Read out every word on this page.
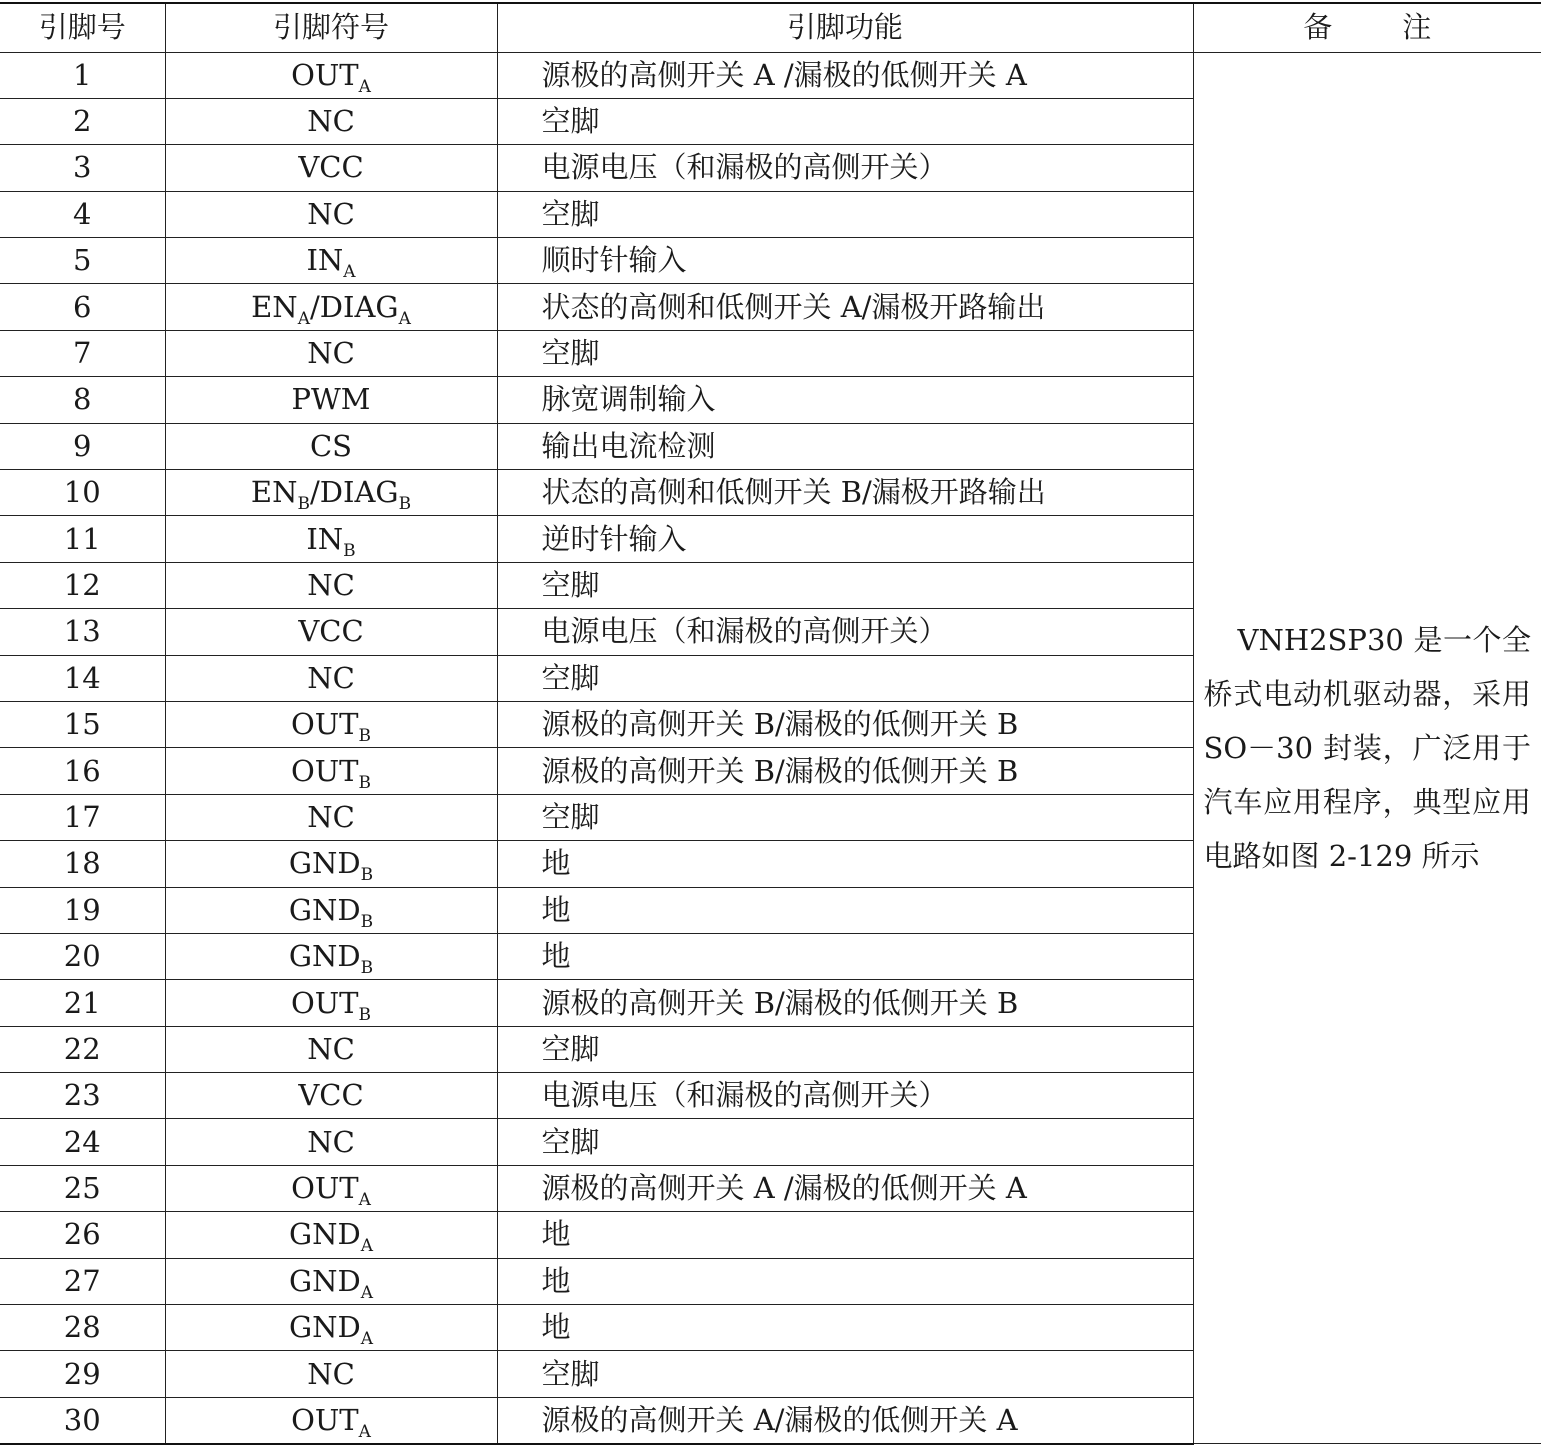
引脚号	引脚符号	引脚功能	备 注
1	$OUT_A$	源极的高侧开关 A /漏极的低侧开关 A	VNH2SP30 是一个全桥式电动机驱动器，采用 SO－30 封装，广泛用于汽车应用程序，典型应用电路如图 2-129 所示
2	NC	空脚	
3	VCC	电源电压（和漏极的高侧开关）	
4	NC	空脚	
5	$IN_A$	顺时针输入	
6	$EN_A/DIAG_A$	状态的高侧和低侧开关 A/漏极开路输出	
7	NC	空脚	
8	PWM	脉宽调制输入	
9	CS	输出电流检测	
10	$EN_B/DIAG_B$	状态的高侧和低侧开关 B/漏极开路输出	
11	$IN_B$	逆时针输入	
12	NC	空脚	
13	VCC	电源电压（和漏极的高侧开关）	
14	NC	空脚	
15	$OUT_B$	源极的高侧开关 B/漏极的低侧开关 B	
16	$OUT_B$	源极的高侧开关 B/漏极的低侧开关 B	
17	NC	空脚	
18	$GND_B$	地	
19	$GND_B$	地	
20	$GND_B$	地	
21	$OUT_B$	源极的高侧开关 B/漏极的低侧开关 B	
22	NC	空脚	
23	VCC	电源电压（和漏极的高侧开关）	
24	NC	空脚	
25	$OUT_A$	源极的高侧开关 A /漏极的低侧开关 A	
26	$GND_A$	地	
27	$GND_A$	地	
28	$GND_A$	地	
29	NC	空脚	
30	$OUT_A$	源极的高侧开关 A/漏极的低侧开关 A	
